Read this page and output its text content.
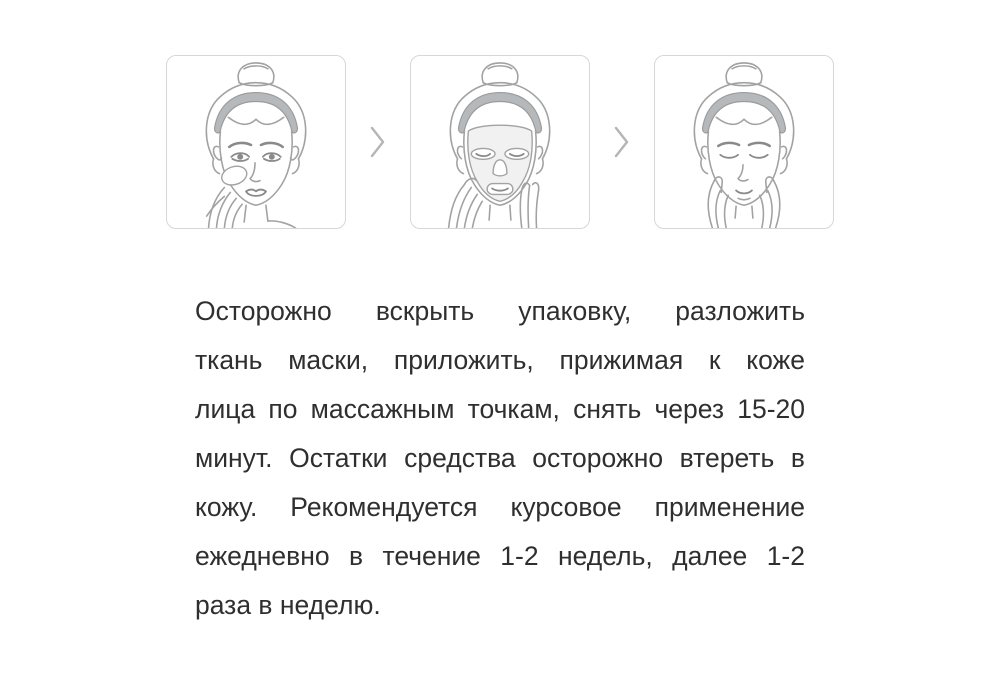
Осторожно вскрыть упаковку, разложить
ткань маски, приложить, прижимая к коже
лица по массажным точкам, снять через 15-20
минут. Остатки средства осторожно втереть в
кожу. Рекомендуется курсовое применение
ежедневно в течение 1-2 недель, далее 1-2
раза в неделю.
